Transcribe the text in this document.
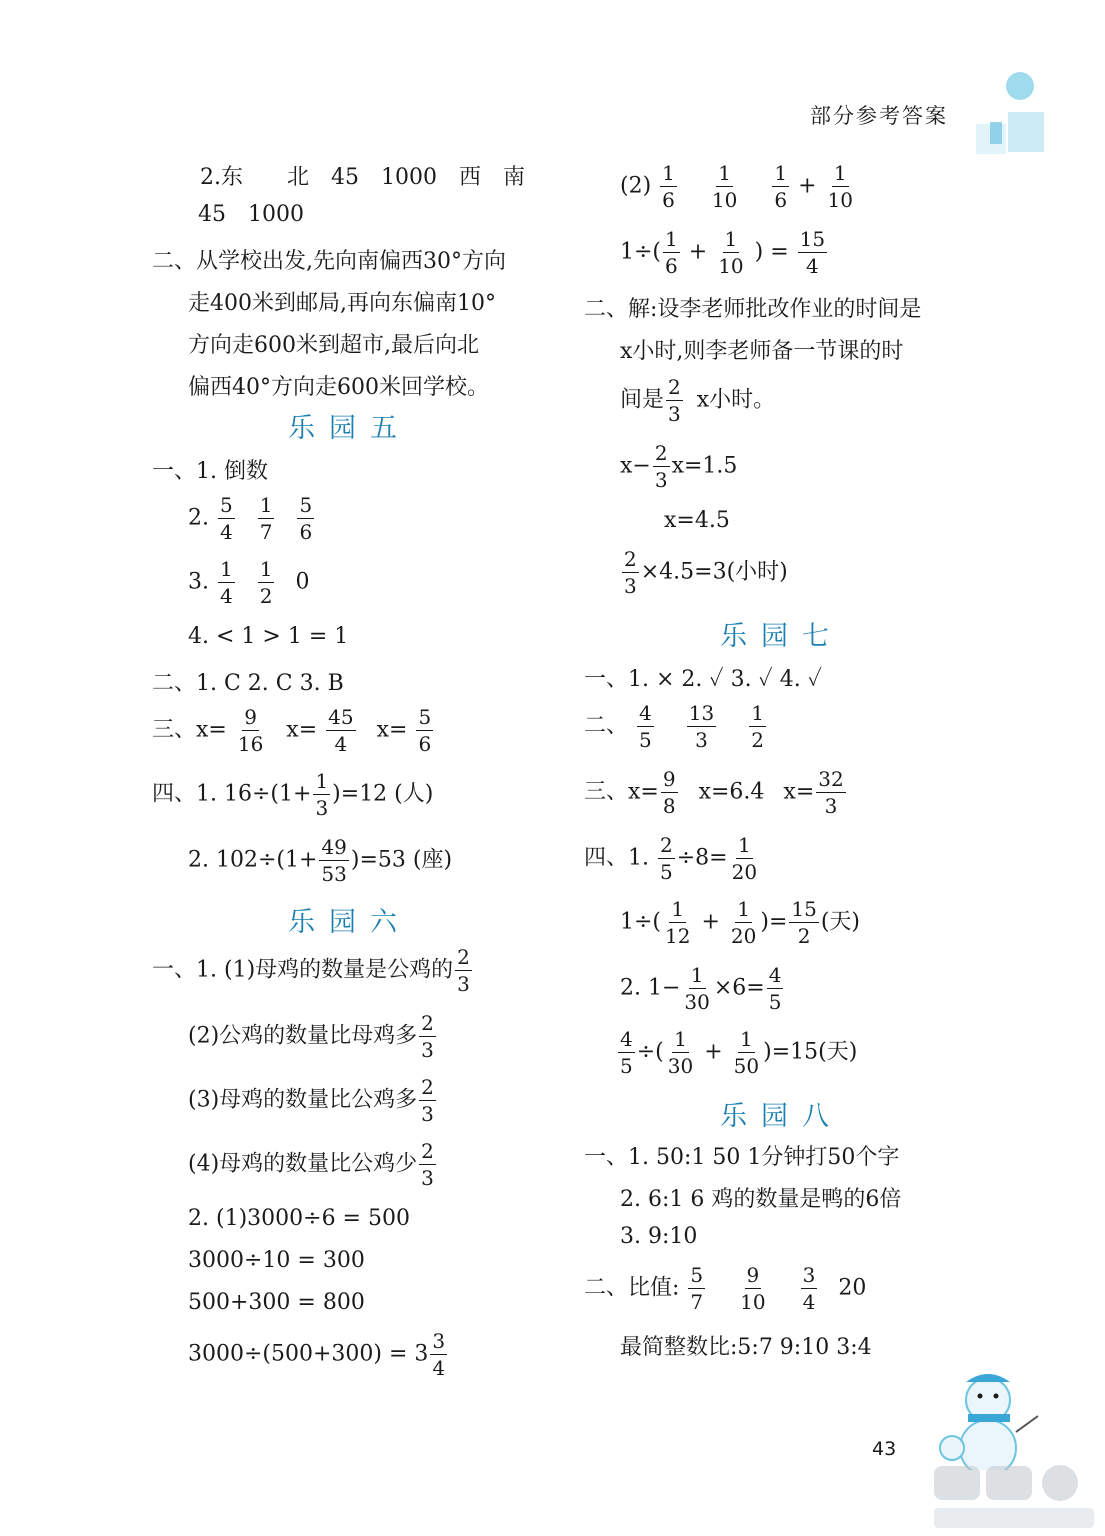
部分参考答案
2.东 北 45 1000 西 南
45 1000
二、从学校出发,先向南偏西30°方向
走400米到邮局,再向东偏南10°
方向走600米到超市,最后向北
偏西40°方向走600米回学校。
乐园五
一、1. 倒数
2. $\frac{5}{4}$
$\frac{1}{7}$
$\frac{5}{6}$
3. $\frac{1}{4}$
$\frac{1}{2} 0$
4. < 1 > 1 = 1
二、1. C 2. C 3. B
三、$x= \frac{9}{16} x= \frac{45}{4} x= \frac{5}{6}$
四、1. $16\div(1+ \frac{1}{3} )=12$ (人)
2. $102\div(1+ \frac{49}{53} )=53$ (座)
乐园六
一、1. (1)母鸡的数量是公鸡的 $\frac{2}{3}$
(2)公鸡的数量比母鸡多 $\frac{2}{3}$
(3)母鸡的数量比公鸡多 $\frac{2}{3}$
(4)母鸡的数量比公鸡少 $\frac{2}{3}$
2. (1)3000÷6 = 500
3000÷10 = 300
500+300 = 800
$3000\div(500+300) = 3 \frac{3}{4}$
$(2) \frac{1}{6}$
$\frac{1}{10}$
$\frac{1}{6} + \frac{1}{10}$
$1\div( \frac{1}{6} + \frac{1}{10}$ ) = $\frac{15}{4}$
二、解:设李老师批改作业的时间是
x小时,则李老师备一节课的时
间是 $\frac{2}{3}$ x小时。
$x- \frac{2}{3} x=1.5$
x=4.5
$\frac{2}{3} \times 4.5=3$(小时)
乐园七
一、1. × 2. ✓ 3. ✓ 4. ✓
二、 $\frac{4}{5}$
$\frac{13}{3}$
$\frac{1}{2}$
三、$x= \frac{9}{8} x=6.4$ $x= \frac{32}{3}$
四、1. $\frac{2}{5} \div 8= \frac{1}{20}$
$1\div( \frac{1}{12} + \frac{1}{20}$ )= $\frac{15}{2}$ (天)
2. $1- \frac{1}{30} \times 6= \frac{4}{5}$
$\frac{4}{5}$ ÷( $\frac{1}{30} + \frac{1}{50} )=15$(天)
乐园八
一、1. 50:1 50 1分钟打50个字
2. 6:1 6 鸡的数量是鸭的6倍
3. 9:10
二、比值: $\frac{5}{7}$
$\frac{9}{10}$
$\frac{3}{4} 20$
最简整数比:5:7 9:10 3:4
43
